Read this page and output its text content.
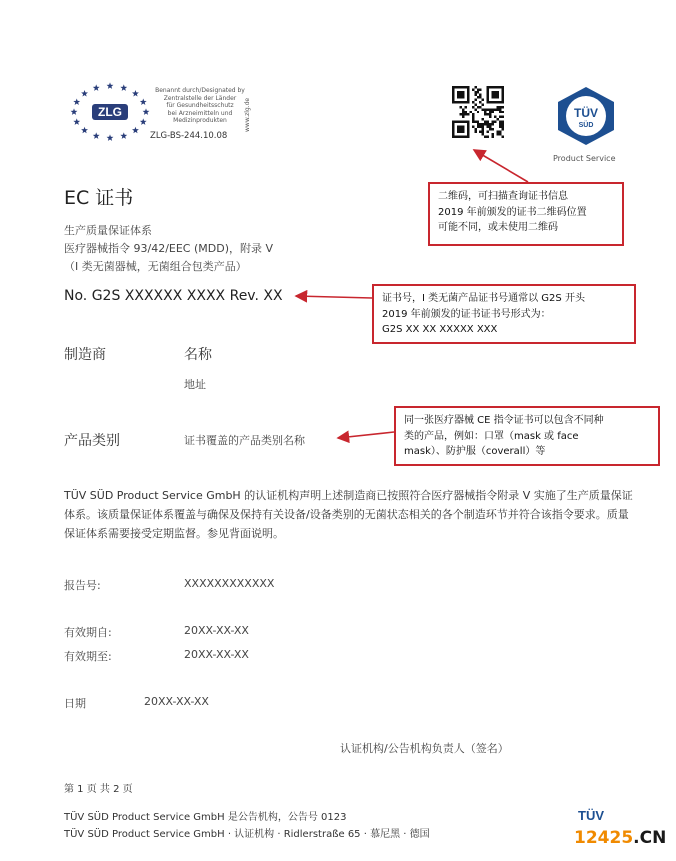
ZLG
Benannt durch/Designated by
Zentralstelle der Länder
für Gesundheitsschutz
bei Arzneimitteln und
Medizinprodukten	www.zlg.de
ZLG-BS-244.10.08
TÜV
SÜD
Product Service
EC 证书
生产质量保证体系
医疗器械指令 93/42/EEC (MDD)，附录 V
（I 类无菌器械，无菌组合包类产品）
No. G2S XXXXXX XXXX Rev. XX
制造商	名称
地址
产品类别	证书覆盖的产品类别名称
TÜV SÜD Product Service GmbH 的认证机构声明上述制造商已按照符合医疗器械指令附录 V 实施了生产质量保证体系。该质量保证体系覆盖与确保及保持有关设备/设备类别的无菌状态相关的各个制造环节并符合该指令要求。质量保证体系需要接受定期监督。参见背面说明。
报告号:	XXXXXXXXXXXX
有效期自:	20XX-XX-XX
有效期至:	20XX-XX-XX
日期	20XX-XX-XX
认证机构/公告机构负责人（签名）
第 1 页 共 2 页
TÜV SÜD Product Service GmbH 是公告机构，公告号 0123
TÜV SÜD Product Service GmbH · 认证机构 · Ridlerstraße 65 · 慕尼黑 · 德国
二维码，可扫描查询证书信息
2019 年前颁发的证书二维码位置
可能不同，或未使用二维码
证书号，I 类无菌产品证书号通常以 G2S 开头
2019 年前颁发的证书证书号形式为：
G2S XX XX XXXXX XXX
同一张医疗器械 CE 指令证书可以包含不同种
类的产品，例如：口罩（mask 或 face
mask）、防护服（coverall）等
TÜV
12425.CN
